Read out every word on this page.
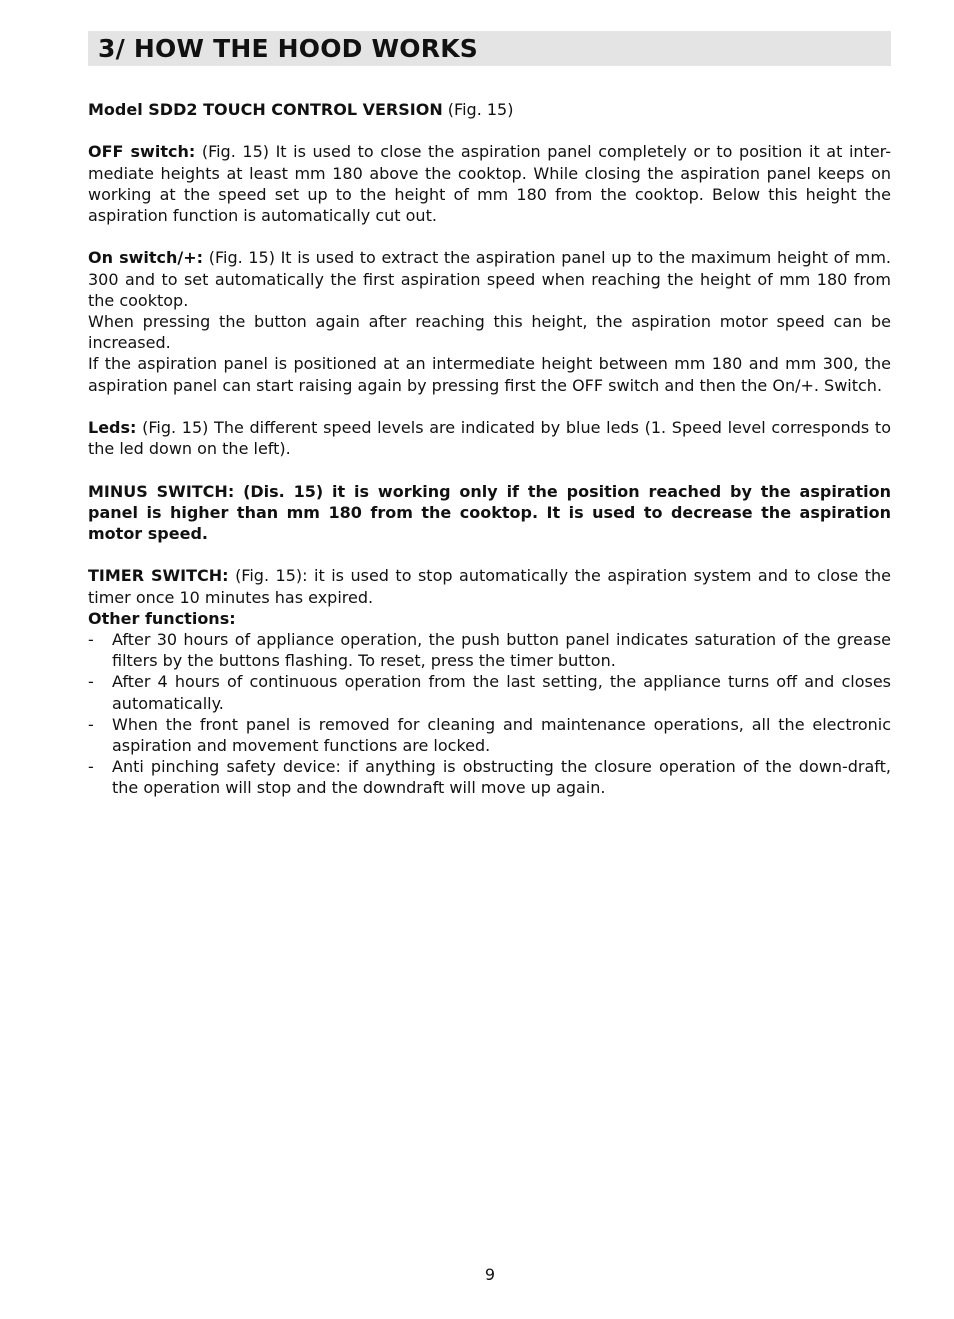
3/ HOW THE HOOD WORKS

Model SDD2 TOUCH CONTROL VERSION (Fig. 15)

OFF switch: (Fig. 15) It is used to close the aspiration panel completely or to position it at inter-mediate heights at least mm 180 above the cooktop. While closing the aspiration panel keeps on working at the speed set up to the height of mm 180 from the cooktop. Below this height the aspiration function is automatically cut out.

On switch/+: (Fig. 15) It is used to extract the aspiration panel up to the maximum height of mm. 300 and to set automatically the first aspiration speed when reaching the height of mm 180 from the cooktop.

When pressing the button again after reaching this height, the aspiration motor speed can be increased.

If the aspiration panel is positioned at an intermediate height between mm 180 and mm 300, the aspiration panel can start raising again by pressing first the OFF switch and then the On/+. Switch.

Leds: (Fig. 15) The different speed levels are indicated by blue leds (1. Speed level corresponds to the led down on the left).

MINUS SWITCH: (Dis. 15) it is working only if the position reached by the aspiration panel is higher than mm 180 from the cooktop. It is used to decrease the aspiration motor speed.

TIMER SWITCH: (Fig. 15): it is used to stop automatically the aspiration system and to close the timer once 10 minutes has expired.

Other functions:

- After 30 hours of appliance operation, the push button panel indicates saturation of the grease filters by the buttons flashing. To reset, press the timer button.
- After 4 hours of continuous operation from the last setting, the appliance turns off and closes automatically.
- When the front panel is removed for cleaning and maintenance operations, all the electronic aspiration and movement functions are locked.
- Anti pinching safety device: if anything is obstructing the closure operation of the down-draft, the operation will stop and the downdraft will move up again.
9
